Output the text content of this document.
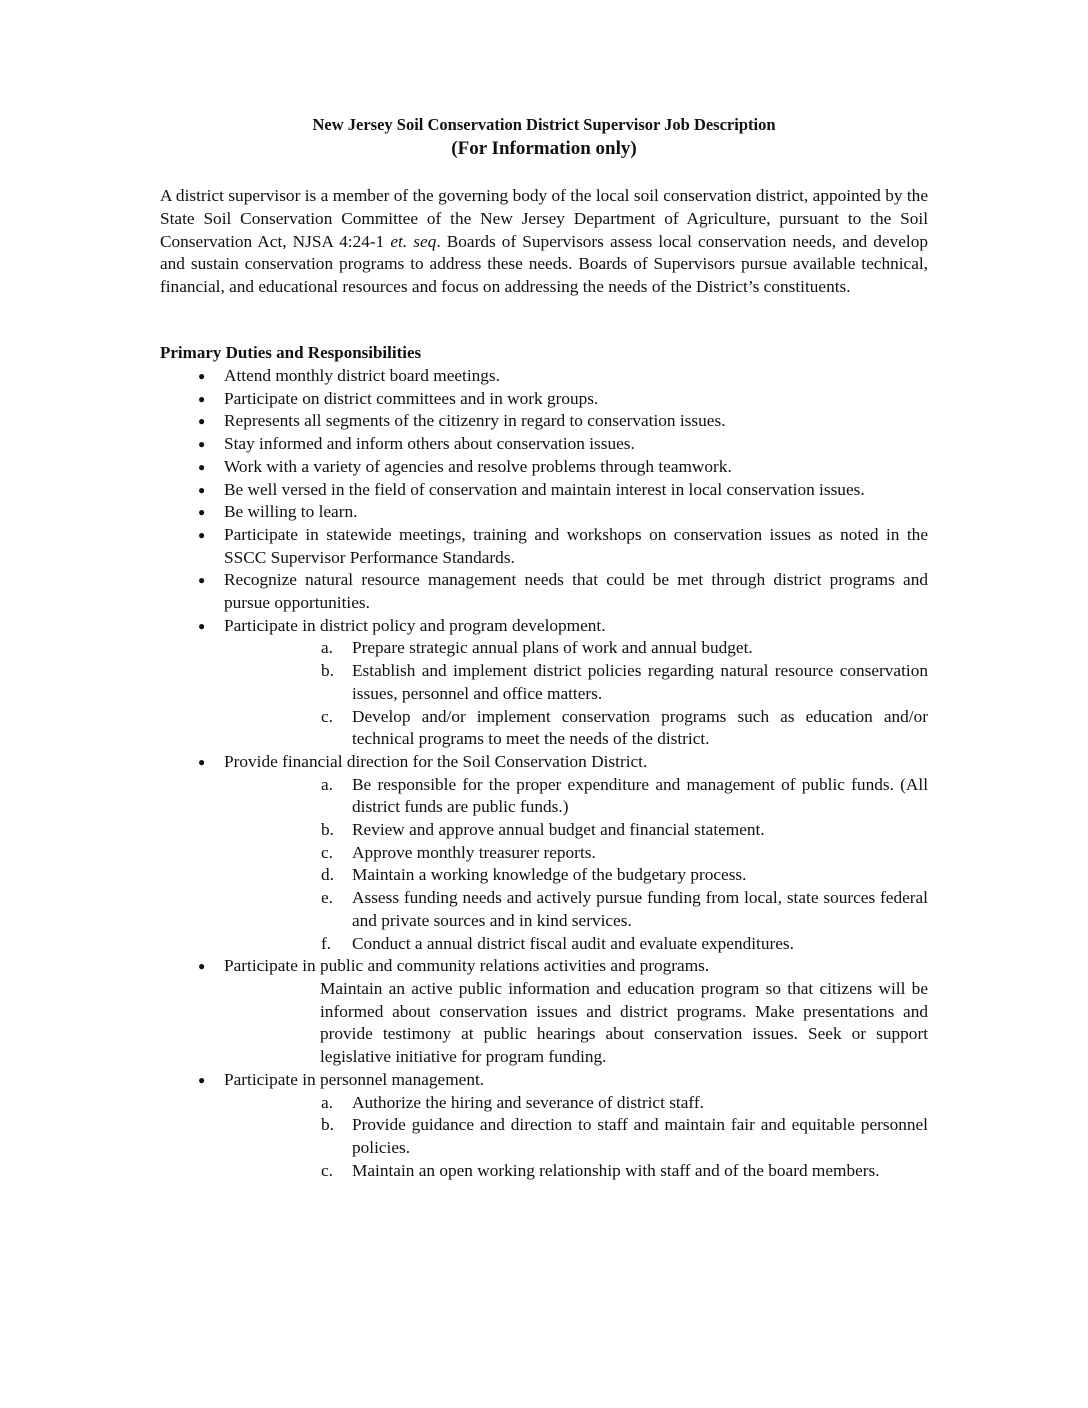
New Jersey Soil Conservation District Supervisor Job Description

(For Information only)

A district supervisor is a member of the governing body of the local soil conservation district, appointed by the State Soil Conservation Committee of the New Jersey Department of Agriculture, pursuant to the Soil Conservation Act, NJSA 4:24-1 et. seq. Boards of Supervisors assess local conservation needs, and develop and sustain conservation programs to address these needs. Boards of Supervisors pursue available technical, financial, and educational resources and focus on addressing the needs of the District’s constituents.

Primary Duties and Responsibilities

● Attend monthly district board meetings.
● Participate on district committees and in work groups.
● Represents all segments of the citizenry in regard to conservation issues.
● Stay informed and inform others about conservation issues.
● Work with a variety of agencies and resolve problems through teamwork.
● Be well versed in the field of conservation and maintain interest in local conservation issues.
● Be willing to learn.
● Participate in statewide meetings, training and workshops on conservation issues as noted in the SSCC Supervisor Performance Standards.
● Recognize natural resource management needs that could be met through district programs and pursue opportunities.
● Participate in district policy and program development.
a. Prepare strategic annual plans of work and annual budget.
b. Establish and implement district policies regarding natural resource conservation issues, personnel and office matters.
c. Develop and/or implement conservation programs such as education and/or technical programs to meet the needs of the district.
● Provide financial direction for the Soil Conservation District.
a. Be responsible for the proper expenditure and management of public funds. (All district funds are public funds.)
b. Review and approve annual budget and financial statement.
c. Approve monthly treasurer reports.
d. Maintain a working knowledge of the budgetary process.
e. Assess funding needs and actively pursue funding from local, state sources federal and private sources and in kind services.
f. Conduct a annual district fiscal audit and evaluate expenditures.
● Participate in public and community relations activities and programs.

Maintain an active public information and education program so that citizens will be informed about conservation issues and district programs. Make presentations and provide testimony at public hearings about conservation issues. Seek or support legislative initiative for program funding.

● Participate in personnel management.
a. Authorize the hiring and severance of district staff.
b. Provide guidance and direction to staff and maintain fair and equitable personnel policies.
c. Maintain an open working relationship with staff and of the board members.
